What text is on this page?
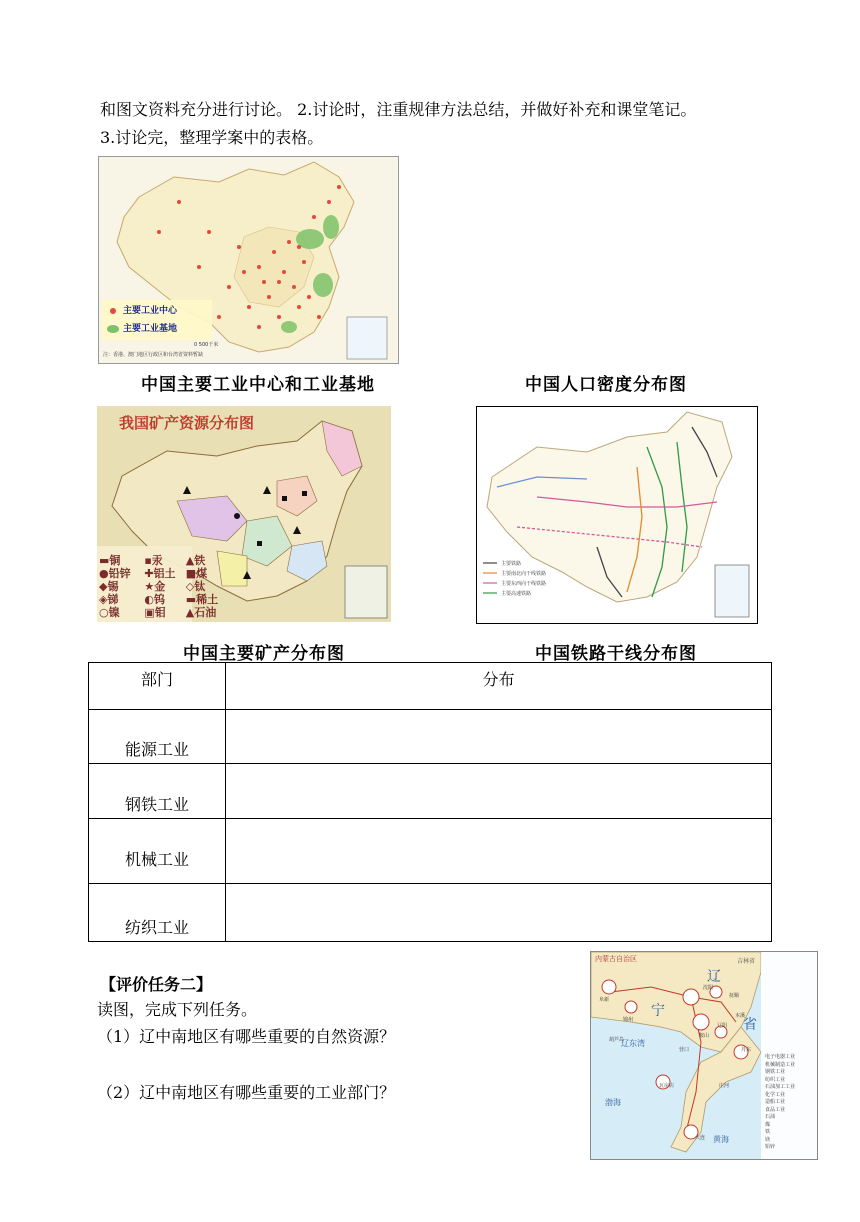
和图文资料充分进行讨论。 2.讨论时，注重规律方法总结，并做好补充和课堂笔记。
3.讨论完，整理学案中的表格。
主要工业中心
主要工业基地
0 500千米
注：香港、澳门地区行政区和台湾省资料暂缺
中国主要工业中心和工业基地	中国人口密度分布图
我国矿产资源分布图
▬铜
●铅锌
◆锡
◈锑
○镍
▪汞
✚铝土
★金
◐钨
▣钼
▲铁
■煤
◇钛
▬稀土
▲石油
主要铁路
主要南北向干线铁路
主要东西向干线铁路
主要高速铁路
中国主要矿产分布图	中国铁路干线分布图
部门	分布
能源工业	
钢铁工业	
机械工业	
纺织工业	
【评价任务二】
读图，完成下列任务。
（1）辽中南地区有哪些重要的自然资源？
（2）辽中南地区有哪些重要的工业部门？
内蒙古自治区	吉林省
辽
宁
省
辽东湾
渤海
黄海
阜新
抚顺
沈阳
本溪
鞍山
辽阳
营口
锦州
葫芦岛
丹东
大连
瓦房店	庄河
电子电器工业
机械制造工业
钢铁工业
纺织工业
石油加工工业
化学工业
造船工业
食品工业
石油
煤
铁
镁
铅锌
